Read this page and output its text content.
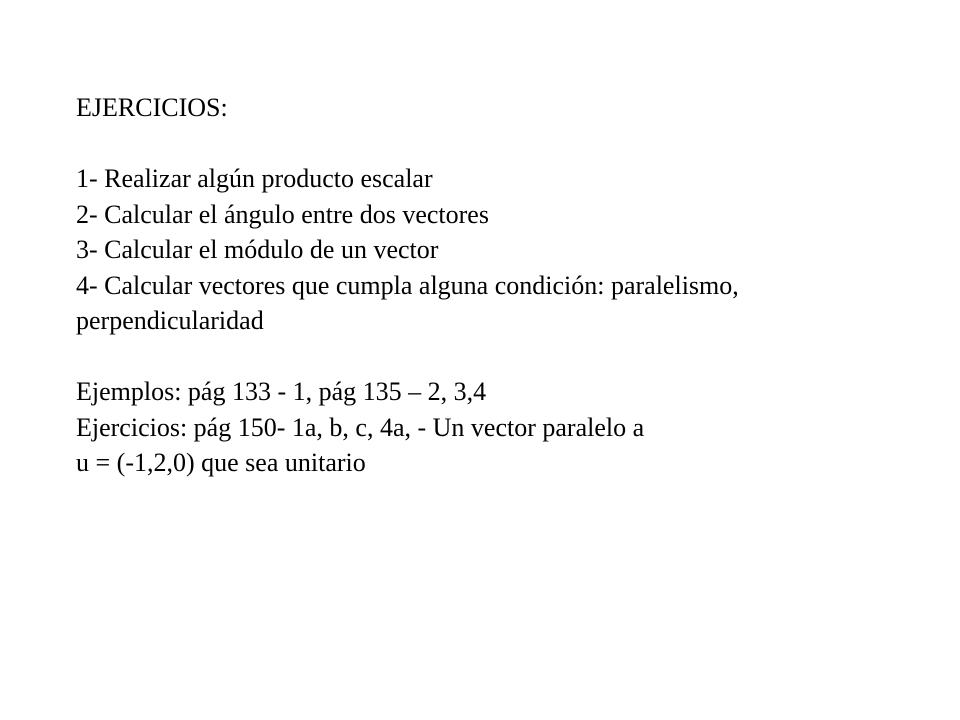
EJERCICIOS:

1- Realizar algún producto escalar

2- Calcular el ángulo entre dos vectores

3- Calcular el módulo de un vector

4- Calcular vectores que cumpla alguna condición: paralelismo, perpendicularidad

Ejemplos: pág 133 - 1, pág 135 – 2, 3,4

Ejercicios: pág 150- 1a, b, c, 4a, - Un vector paralelo a

u = (-1,2,0) que sea unitario
